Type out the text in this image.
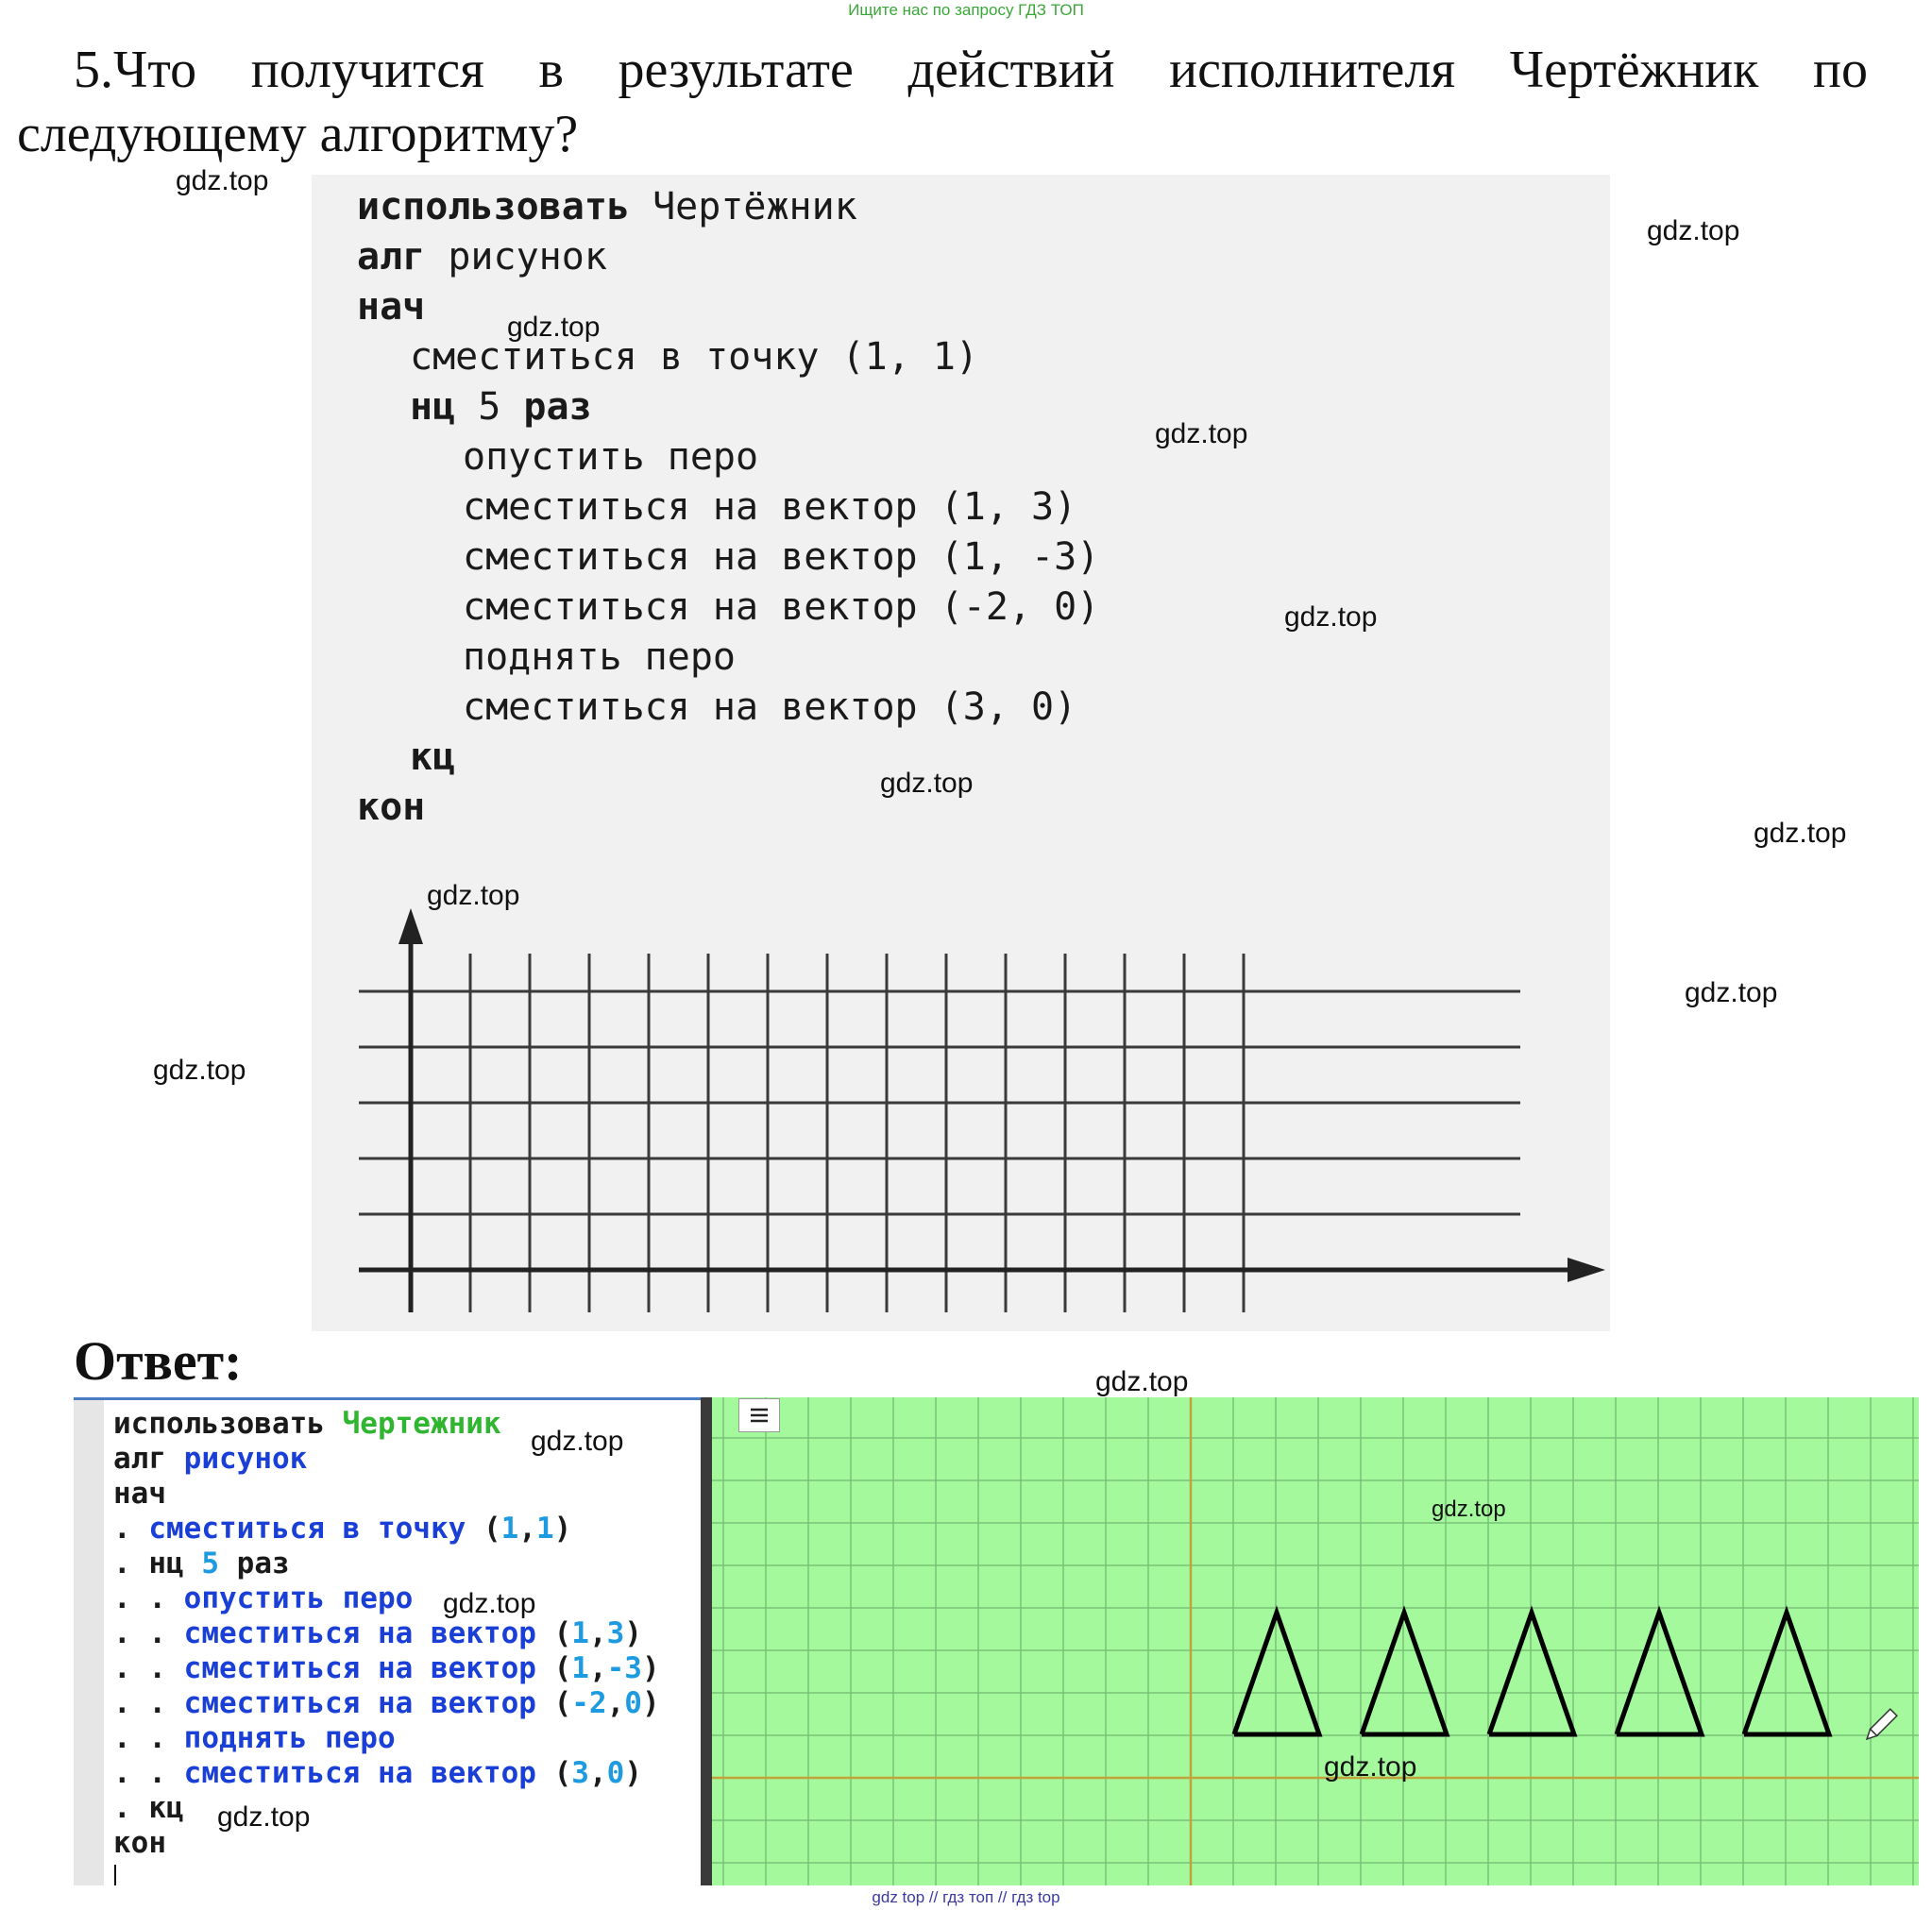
Ищите нас по запросу ГДЗ ТОП
5.Что получится в результате действий исполнителя Чертёжник по следующему алгоритму?
использовать Чертёжник
алг рисунок
нач
сместиться в точку (1, 1)
нц 5 раз
опустить перо
сместиться на вектор (1, 3)
сместиться на вектор (1, -3)
сместиться на вектор (-2, 0)
поднять перо
сместиться на вектор (3, 0)
кц
кон
Ответ:
использовать Чертежник
алг рисунок
нач
. сместиться в точку (1,1)
. нц 5 раз
. . опустить перо
. . сместиться на вектор (1,3)
. . сместиться на вектор (1,-3)
. . сместиться на вектор (-2,0)
. . поднять перо
. . сместиться на вектор (3,0)
. кц
кон
gdz.top
gdz.top
gdz.top
gdz.top
gdz.top
gdz.top
gdz.top
gdz.top
gdz.top
gdz.top
gdz.top
gdz.top
gdz.top
gdz.top
gdz.top
gdz.top
gdz top // гдз топ // гдз top
